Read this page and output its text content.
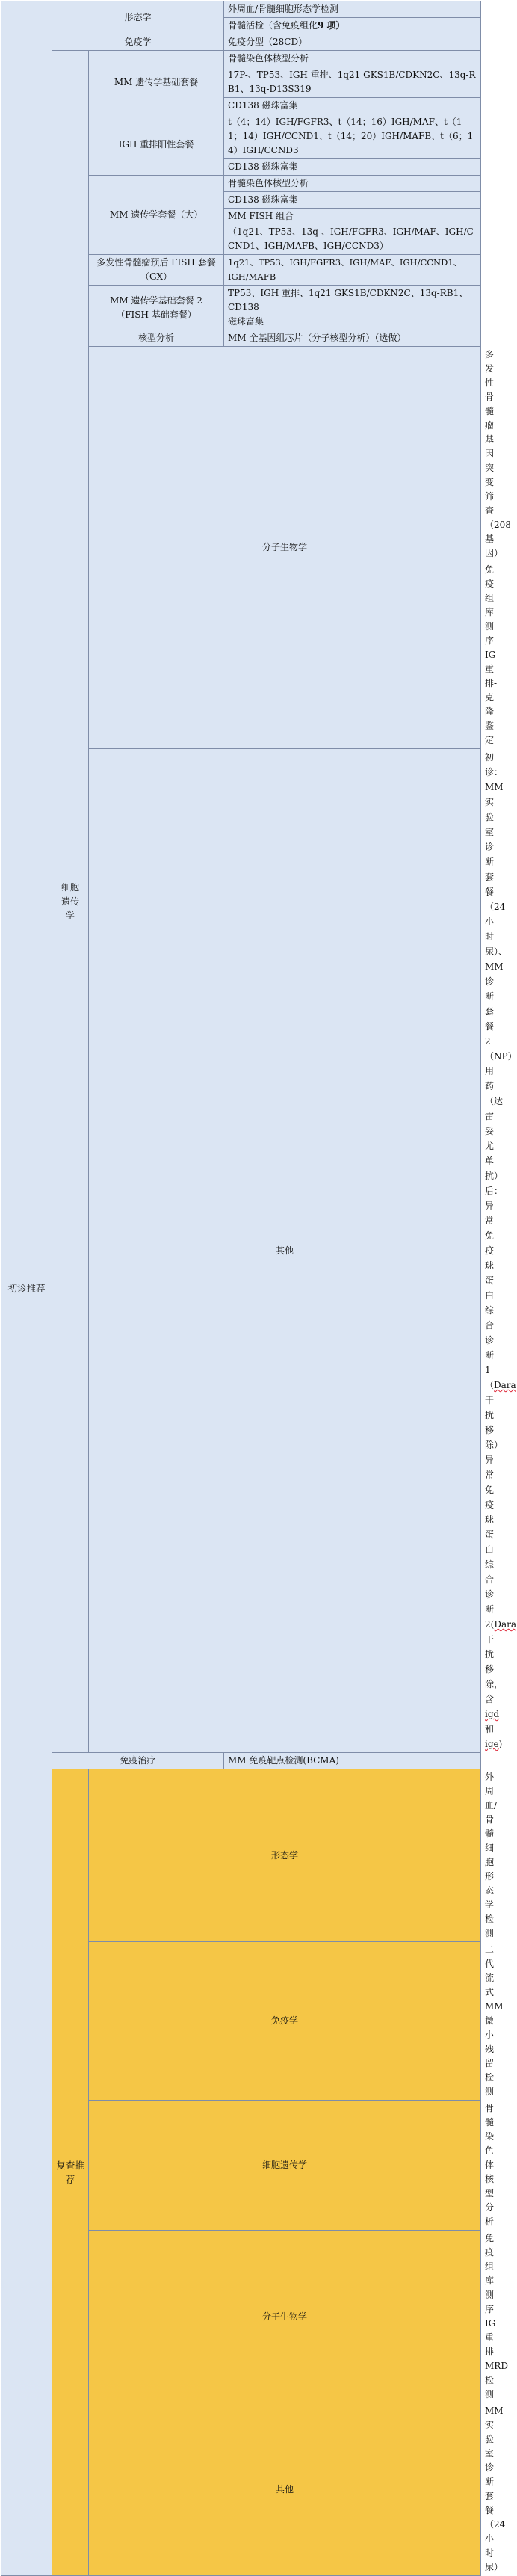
初诊推荐	形态学		外周血/骨髓细胞形态学检测	
			骨髓活检（含免疫组化9 项）	
	免疫学		免疫分型（28CD）	
	细胞
遗传
学	MM 遗传学基础套餐	骨髓染色体核型分析	
			17P-、TP53、IGH 重排、1q21 GKS1B/CDKN2C、13q-RB1、13q-D13S319	
			CD138 磁珠富集	
		IGH 重排阳性套餐	t（4；14）IGH/FGFR3、t（14；16）IGH/MAF、t（11；14）IGH/CCND1、t（14；20）IGH/MAFB、t（6；14）IGH/CCND3	
			CD138 磁珠富集	
		MM 遗传学套餐（大）	骨髓染色体核型分析	
			CD138 磁珠富集	
			MM FISH 组合	
			（1q21、TP53、13q-、IGH/FGFR3、IGH/MAF、IGH/CCND1、IGH/MAFB、IGH/CCND3）	
		多发性骨髓瘤预后 FISH 套餐
（GX）	1q21、TP53、IGH/FGFR3、IGH/MAF、IGH/CCND1、IGH/MAFB	
		MM 遗传学基础套餐 2
（FISH 基础套餐）	TP53、IGH 重排、1q21 GKS1B/CDKN2C、13q-RB1、CD138
磁珠富集	
		核型分析	MM 全基因组芯片（分子核型分析）（选做）	
		分子生物学		多发性骨髓瘤基因突变筛查（208 基因）
				免疫组库测序 IG 重排-克隆鉴定
		其他		初诊：
MM 实验室诊断套餐（24 小时尿）、MM 诊断套餐 2（NP）
用药（达雷妥尤单抗）后：
异常免疫球蛋白综合诊断 1（Dara 干扰移除）
异常免疫球蛋白综合诊断 2(Dara 干扰移除，含 igd 和 ige)
	免疫治疗		MM 免疫靶点检测(BCMA)	
	复查推荐	形态学		外周血/骨髓细胞形态学检测
		免疫学		二代流式 MM 微小残留检测
		细胞遗传学		骨髓染色体核型分析
		分子生物学		免疫组库测序 IG 重排-MRD 检测
		其他		MM 实验室诊断套餐（24 小时尿）
